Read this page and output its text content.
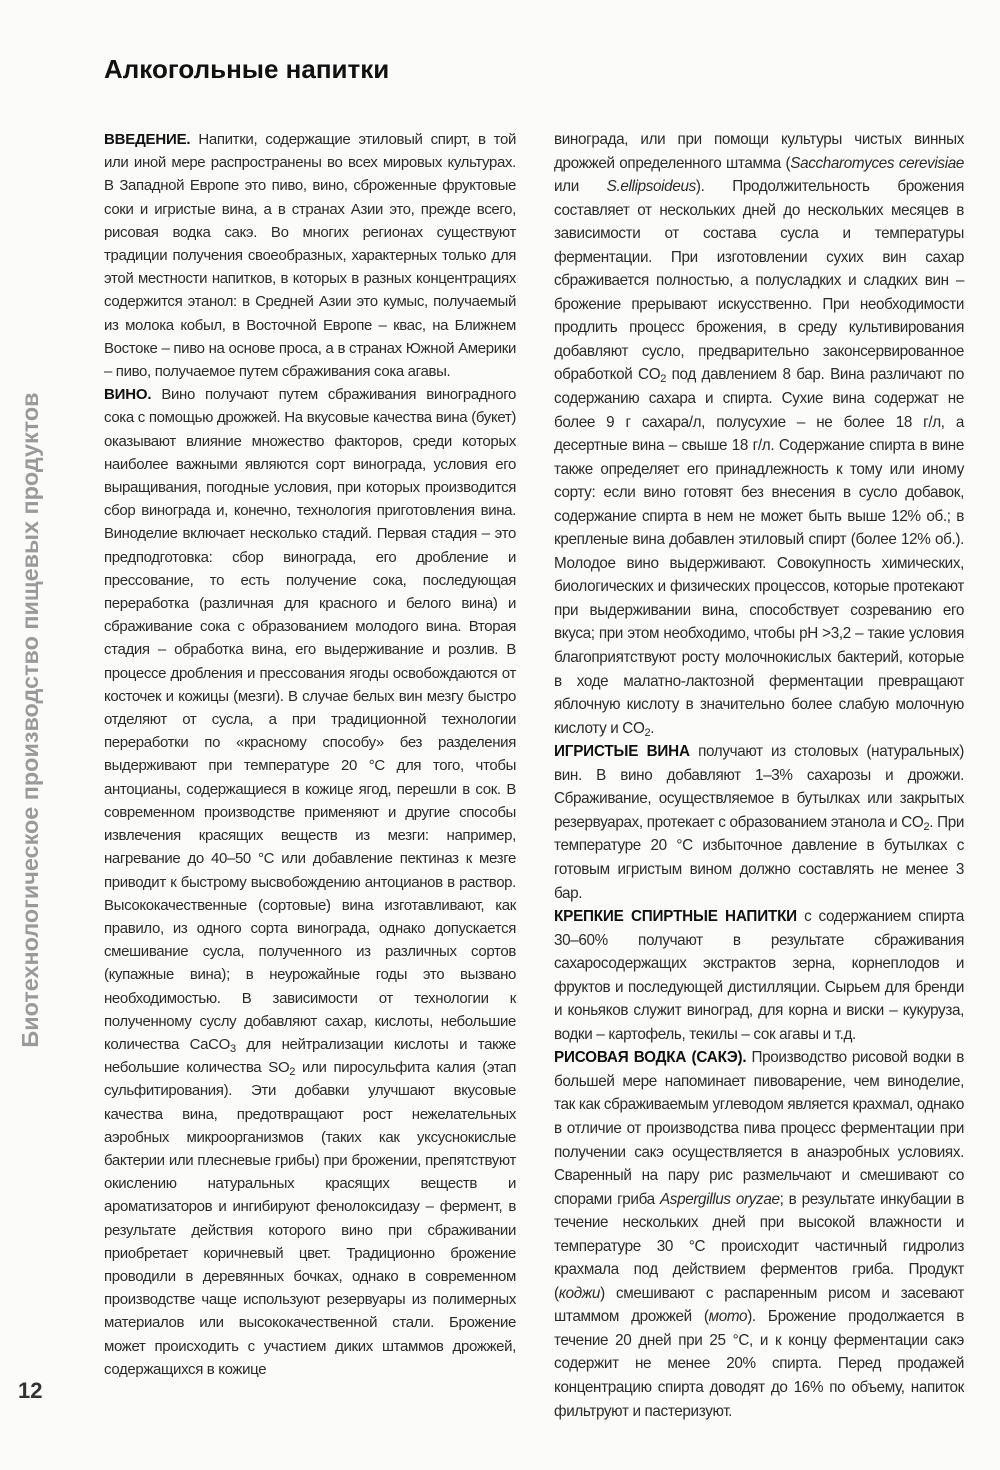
Биотехнологическое производство пищевых продуктов
12
Алкогольные напитки

ВВЕДЕНИЕ. Напитки, содержащие этиловый спирт, в той или иной мере распространены во всех мировых культурах. В Западной Европе это пиво, вино, сброженные фруктовые соки и игристые вина, а в странах Азии это, прежде всего, рисовая водка сакэ. Во многих регионах существуют традиции получения своеобразных, характерных только для этой местности напитков, в которых в разных концентрациях содержится этанол: в Средней Азии это кумыс, получаемый из молока кобыл, в Восточной Европе – квас, на Ближнем Востоке – пиво на основе проса, а в странах Южной Америки – пиво, получаемое путем сбраживания сока агавы.

ВИНО. Вино получают путем сбраживания виноградного сока с помощью дрожжей. На вкусовые качества вина (букет) оказывают влияние множество факторов, среди которых наиболее важными являются сорт винограда, условия его выращивания, погодные условия, при которых производится сбор винограда и, конечно, технология приготовления вина. Виноделие включает несколько стадий. Первая стадия – это предподготовка: сбор винограда, его дробление и прессование, то есть получение сока, последующая переработка (различная для красного и белого вина) и сбраживание сока с образованием молодого вина. Вторая стадия – обработка вина, его выдерживание и розлив. В процессе дробления и прессования ягоды освобождаются от косточек и кожицы (мезги). В случае белых вин мезгу быстро отделяют от сусла, а при традиционной технологии переработки по «красному способу» без разделения выдерживают при температуре 20 °C для того, чтобы антоцианы, содержащиеся в кожице ягод, перешли в сок. В современном производстве применяют и другие способы извлечения красящих веществ из мезги: например, нагревание до 40–50 °C или добавление пектиназ к мезге приводит к быстрому высвобождению антоцианов в раствор. Высококачественные (сортовые) вина изготавливают, как правило, из одного сорта винограда, однако допускается смешивание сусла, полученного из различных сортов (купажные вина); в неурожайные годы это вызвано необходимостью. В зависимости от технологии к полученному суслу добавляют сахар, кислоты, небольшие количества CaCO$_3$ для нейтрализации кислоты и также небольшие количества $SO_2$ или пиросульфита калия (этап сульфитирования). Эти добавки улучшают вкусовые качества вина, предотвращают рост нежелательных аэробных микроорганизмов (таких как уксуснокислые бактерии или плесневые грибы) при брожении, препятствуют окислению натуральных красящих веществ и ароматизаторов и ингибируют фенолоксидазу – фермент, в результате действия которого вино при сбраживании приобретает коричневый цвет. Традиционно брожение проводили в деревянных бочках, однако в современном производстве чаще используют резервуары из полимерных материалов или высококачественной стали. Брожение может происходить с участием диких штаммов дрожжей, содержащихся в кожице

винограда, или при помощи культуры чистых винных дрожжей определенного штамма (Saccharomyces cerevisiae или S.ellipsoideus). Продолжительность брожения составляет от нескольких дней до нескольких месяцев в зависимости от состава сусла и температуры ферментации. При изготовлении сухих вин сахар сбраживается полностью, а полусладких и сладких вин – брожение прерывают искусственно. При необходимости продлить процесс брожения, в среду культивирования добавляют сусло, предварительно законсервированное обработкой $CO_2$ под давлением 8 бар. Вина различают по содержанию сахара и спирта. Сухие вина содержат не более 9 г сахара/л, полусухие – не более 18 г/л, а десертные вина – свыше 18 г/л. Содержание спирта в вине также определяет его принадлежность к тому или иному сорту: если вино готовят без внесения в сусло добавок, содержание спирта в нем не может быть выше 12% об.; в крепленые вина добавлен этиловый спирт (более 12% об.). Молодое вино выдерживают. Совокупность химических, биологических и физических процессов, которые протекают при выдерживании вина, способствует созреванию его вкуса; при этом необходимо, чтобы pH >3,2 – такие условия благоприятствуют росту молочнокислых бактерий, которые в ходе малатно-лактозной ферментации превращают яблочную кислоту в значительно более слабую молочную кислоту и $CO_2$.

ИГРИСТЫЕ ВИНА получают из столовых (натуральных) вин. В вино добавляют 1–3% сахарозы и дрожжи. Сбраживание, осуществляемое в бутылках или закрытых резервуарах, протекает с образованием этанола и $CO_2$. При температуре 20 °C избыточное давление в бутылках с готовым игристым вином должно составлять не менее 3 бар.

КРЕПКИЕ СПИРТНЫЕ НАПИТКИ с содержанием спирта 30–60% получают в результате сбраживания сахаросодержащих экстрактов зерна, корнеплодов и фруктов и последующей дистилляции. Сырьем для бренди и коньяков служит виноград, для корна и виски – кукуруза, водки – картофель, текилы – сок агавы и т.д.

РИСОВАЯ ВОДКА (САКЭ). Производство рисовой водки в большей мере напоминает пивоварение, чем виноделие, так как сбраживаемым углеводом является крахмал, однако в отличие от производства пива процесс ферментации при получении сакэ осуществляется в анаэробных условиях. Сваренный на пару рис размельчают и смешивают со спорами гриба Aspergillus oryzae; в результате инкубации в течение нескольких дней при высокой влажности и температуре 30 °C происходит частичный гидролиз крахмала под действием ферментов гриба. Продукт (коджи) смешивают с распаренным рисом и засевают штаммом дрожжей (мото). Брожение продолжается в течение 20 дней при 25 °C, и к концу ферментации сакэ содержит не менее 20% спирта. Перед продажей концентрацию спирта доводят до 16% по объему, напиток фильтруют и пастеризуют.
